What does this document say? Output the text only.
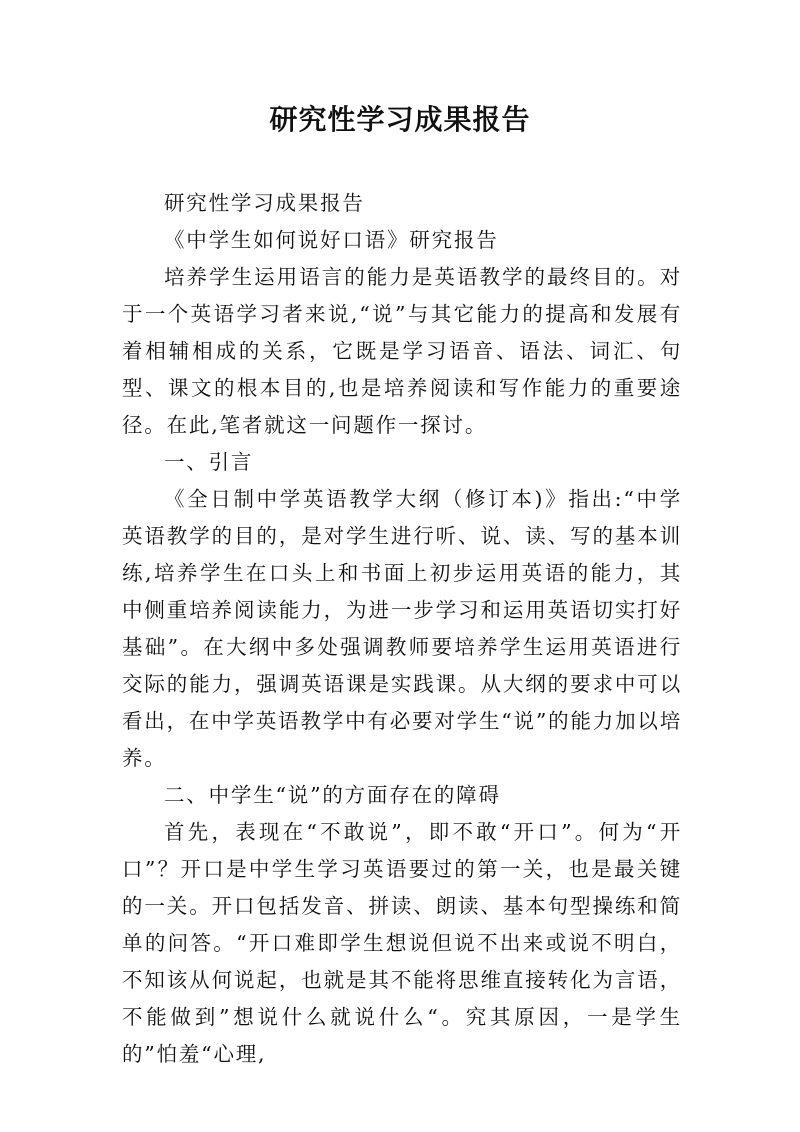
研究性学习成果报告

研究性学习成果报告

《中学生如何说好口语》研究报告

培养学生运用语言的能力是英语教学的最终目的。对于一个英语学习者来说,“说”与其它能力的提高和发展有着相辅相成的关系，它既是学习语音、语法、词汇、句型、课文的根本目的,也是培养阅读和写作能力的重要途径。在此,笔者就这一问题作一探讨。

一、引言

《全日制中学英语教学大纲（修订本)》指出:“中学英语教学的目的，是对学生进行听、说、读、写的基本训练,培养学生在口头上和书面上初步运用英语的能力，其中侧重培养阅读能力，为进一步学习和运用英语切实打好基础”。在大纲中多处强调教师要培养学生运用英语进行交际的能力，强调英语课是实践课。从大纲的要求中可以看出，在中学英语教学中有必要对学生“说”的能力加以培养。

二、中学生“说”的方面存在的障碍

首先，表现在“不敢说”，即不敢“开口”。何为“开口”？开口是中学生学习英语要过的第一关，也是最关键的一关。开口包括发音、拼读、朗读、基本句型操练和简单的问答。“开口难即学生想说但说不出来或说不明白，不知该从何说起，也就是其不能将思维直接转化为言语，不能做到”想说什么就说什么“。究其原因，一是学生的”怕羞“心理,
